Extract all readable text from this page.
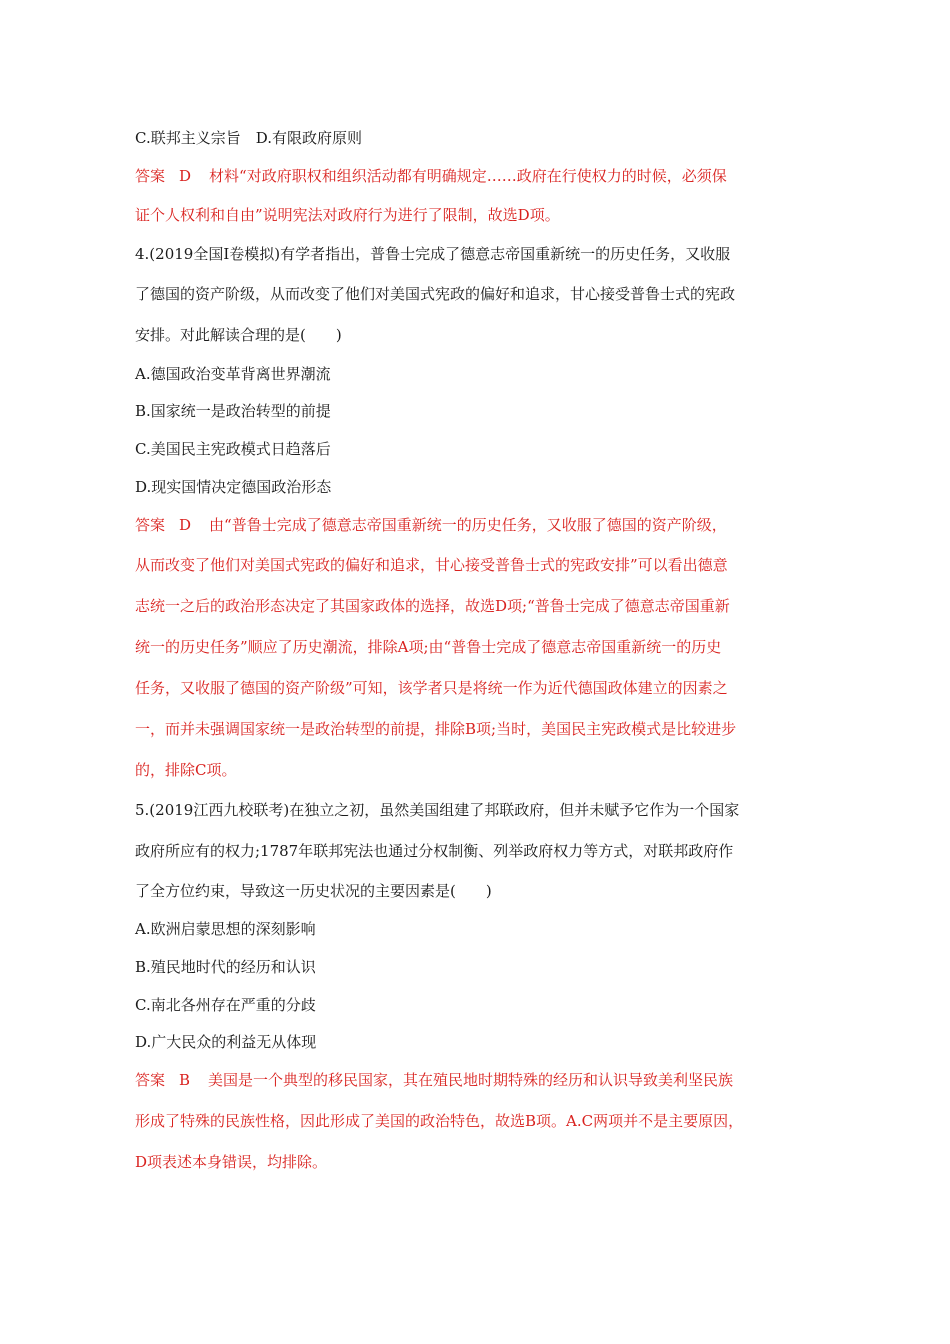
C.联邦主义宗旨　D.有限政府原则
答案 D 材料“对政府职权和组织活动都有明确规定……政府在行使权力的时候，必须保
证个人权利和自由”说明宪法对政府行为进行了限制，故选D项。
4.(2019全国Ⅰ卷模拟)有学者指出，普鲁士完成了德意志帝国重新统一的历史任务，又收服
了德国的资产阶级，从而改变了他们对美国式宪政的偏好和追求，甘心接受普鲁士式的宪政
安排。对此解读合理的是(　　)
A.德国政治变革背离世界潮流
B.国家统一是政治转型的前提
C.美国民主宪政模式日趋落后
D.现实国情决定德国政治形态
答案 D 由“普鲁士完成了德意志帝国重新统一的历史任务，又收服了德国的资产阶级，
从而改变了他们对美国式宪政的偏好和追求，甘心接受普鲁士式的宪政安排”可以看出德意
志统一之后的政治形态决定了其国家政体的选择，故选D项;“普鲁士完成了德意志帝国重新
统一的历史任务”顺应了历史潮流，排除A项;由“普鲁士完成了德意志帝国重新统一的历史
任务，又收服了德国的资产阶级”可知，该学者只是将统一作为近代德国政体建立的因素之
一，而并未强调国家统一是政治转型的前提，排除B项;当时，美国民主宪政模式是比较进步
的，排除C项。
5.(2019江西九校联考)在独立之初，虽然美国组建了邦联政府，但并未赋予它作为一个国家
政府所应有的权力;1787年联邦宪法也通过分权制衡、列举政府权力等方式，对联邦政府作
了全方位约束，导致这一历史状况的主要因素是(　　)
A.欧洲启蒙思想的深刻影响
B.殖民地时代的经历和认识
C.南北各州存在严重的分歧
D.广大民众的利益无从体现
答案 B 美国是一个典型的移民国家，其在殖民地时期特殊的经历和认识导致美利坚民族
形成了特殊的民族性格，因此形成了美国的政治特色，故选B项。A.C两项并不是主要原因，
D项表述本身错误，均排除。
